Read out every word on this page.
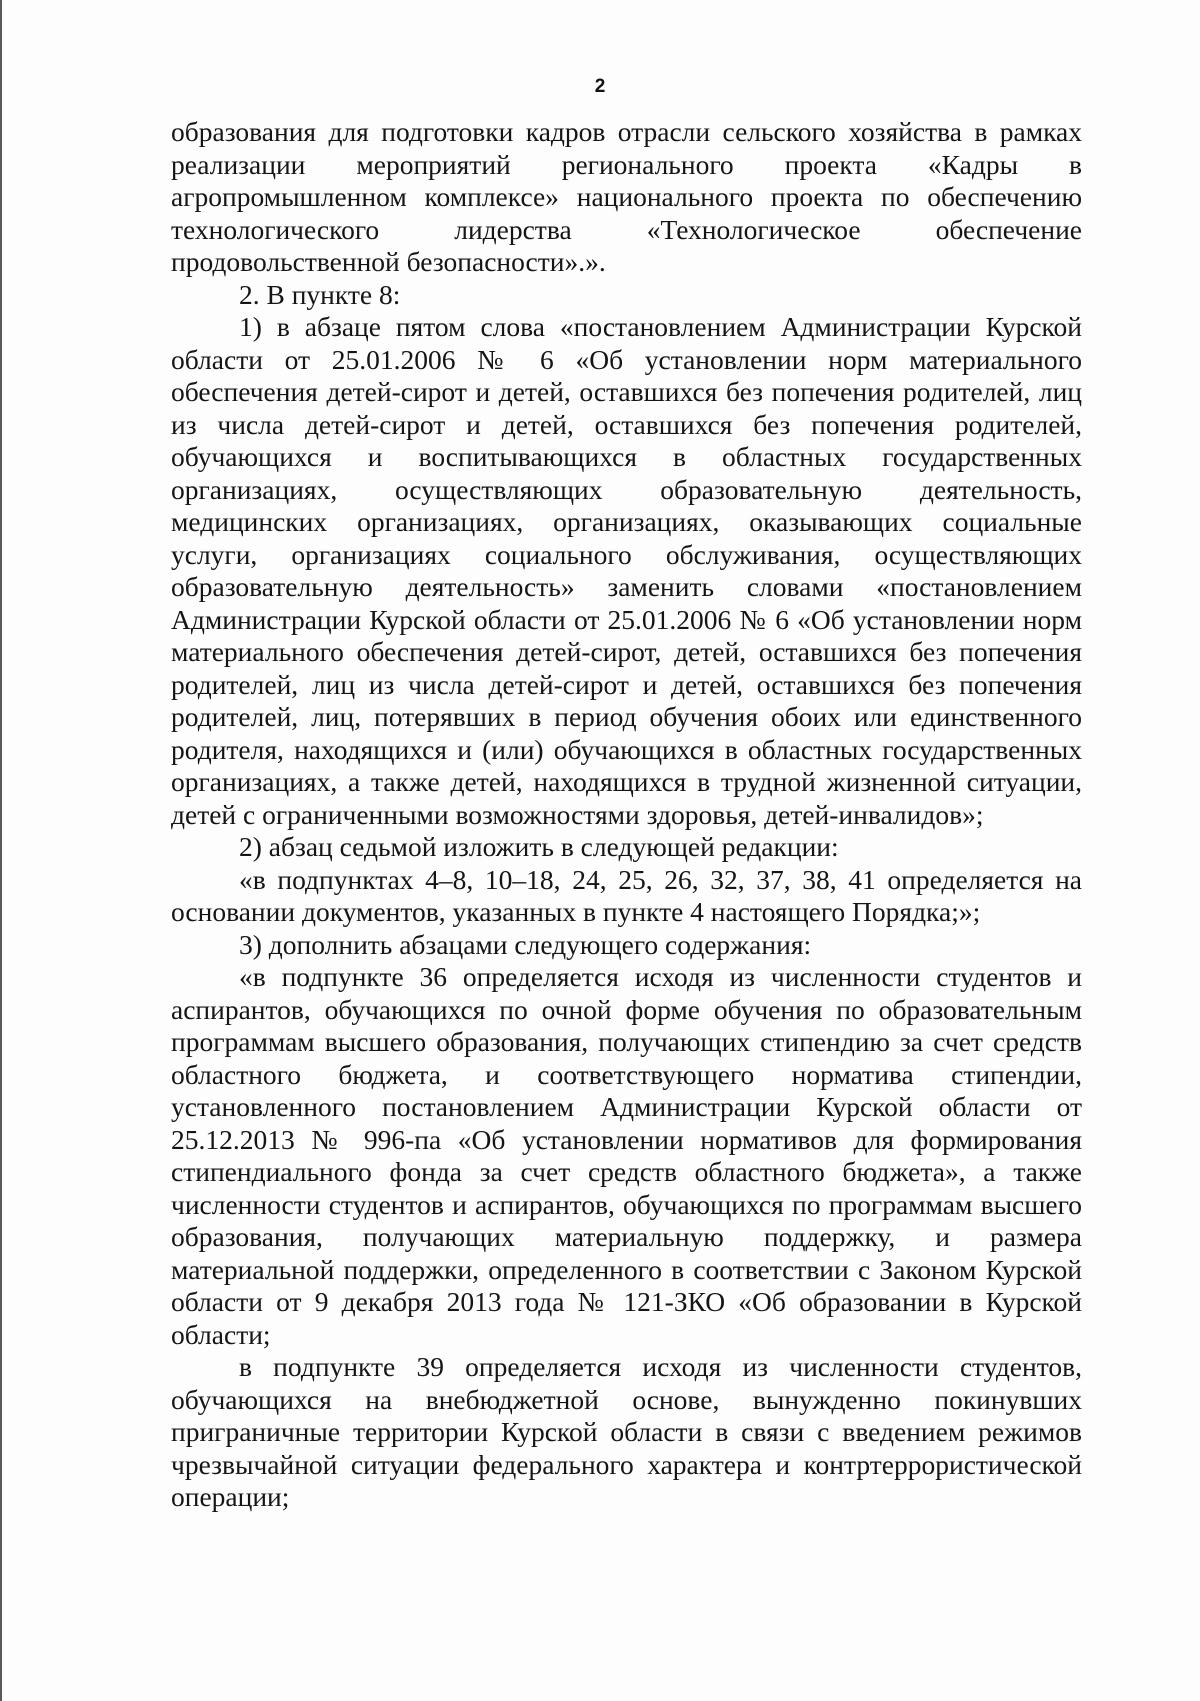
2

образования для подготовки кадров отрасли сельского хозяйства в рамках реализации мероприятий регионального проекта «Кадры в агропромышленном комплексе» национального проекта по обеспечению технологического лидерства «Технологическое обеспечение продовольственной безопасности».».

2. В пункте 8:

1) в абзаце пятом слова «постановлением Администрации Курской области от 25.01.2006 № 6 «Об установлении норм материального обеспечения детей-сирот и детей, оставшихся без попечения родителей, лиц из числа детей-сирот и детей, оставшихся без попечения родителей, обучающихся и воспитывающихся в областных государственных организациях, осуществляющих образовательную деятельность, медицинских организациях, организациях, оказывающих социальные услуги, организациях социального обслуживания, осуществляющих образовательную деятельность» заменить словами «постановлением Администрации Курской области от 25.01.2006 № 6 «Об установлении норм материального обеспечения детей-сирот, детей, оставшихся без попечения родителей, лиц из числа детей-сирот и детей, оставшихся без попечения родителей, лиц, потерявших в период обучения обоих или единственного родителя, находящихся и (или) обучающихся в областных государственных организациях, а также детей, находящихся в трудной жизненной ситуации, детей с ограниченными возможностями здоровья, детей-инвалидов»;

2) абзац седьмой изложить в следующей редакции:

«в подпунктах 4–8, 10–18, 24, 25, 26, 32, 37, 38, 41 определяется на основании документов, указанных в пункте 4 настоящего Порядка;»;

3) дополнить абзацами следующего содержания:

«в подпункте 36 определяется исходя из численности студентов и аспирантов, обучающихся по очной форме обучения по образовательным программам высшего образования, получающих стипендию за счет средств областного бюджета, и соответствующего норматива стипендии, установленного постановлением Администрации Курской области от 25.12.2013 № 996-па «Об установлении нормативов для формирования стипендиального фонда за счет средств областного бюджета», а также численности студентов и аспирантов, обучающихся по программам высшего образования, получающих материальную поддержку, и размера материальной поддержки, определенного в соответствии с Законом Курской области от 9 декабря 2013 года № 121-ЗКО «Об образовании в Курской области;

в подпункте 39 определяется исходя из численности студентов, обучающихся на внебюджетной основе, вынужденно покинувших приграничные территории Курской области в связи с введением режимов чрезвычайной ситуации федерального характера и контртеррористической операции;
